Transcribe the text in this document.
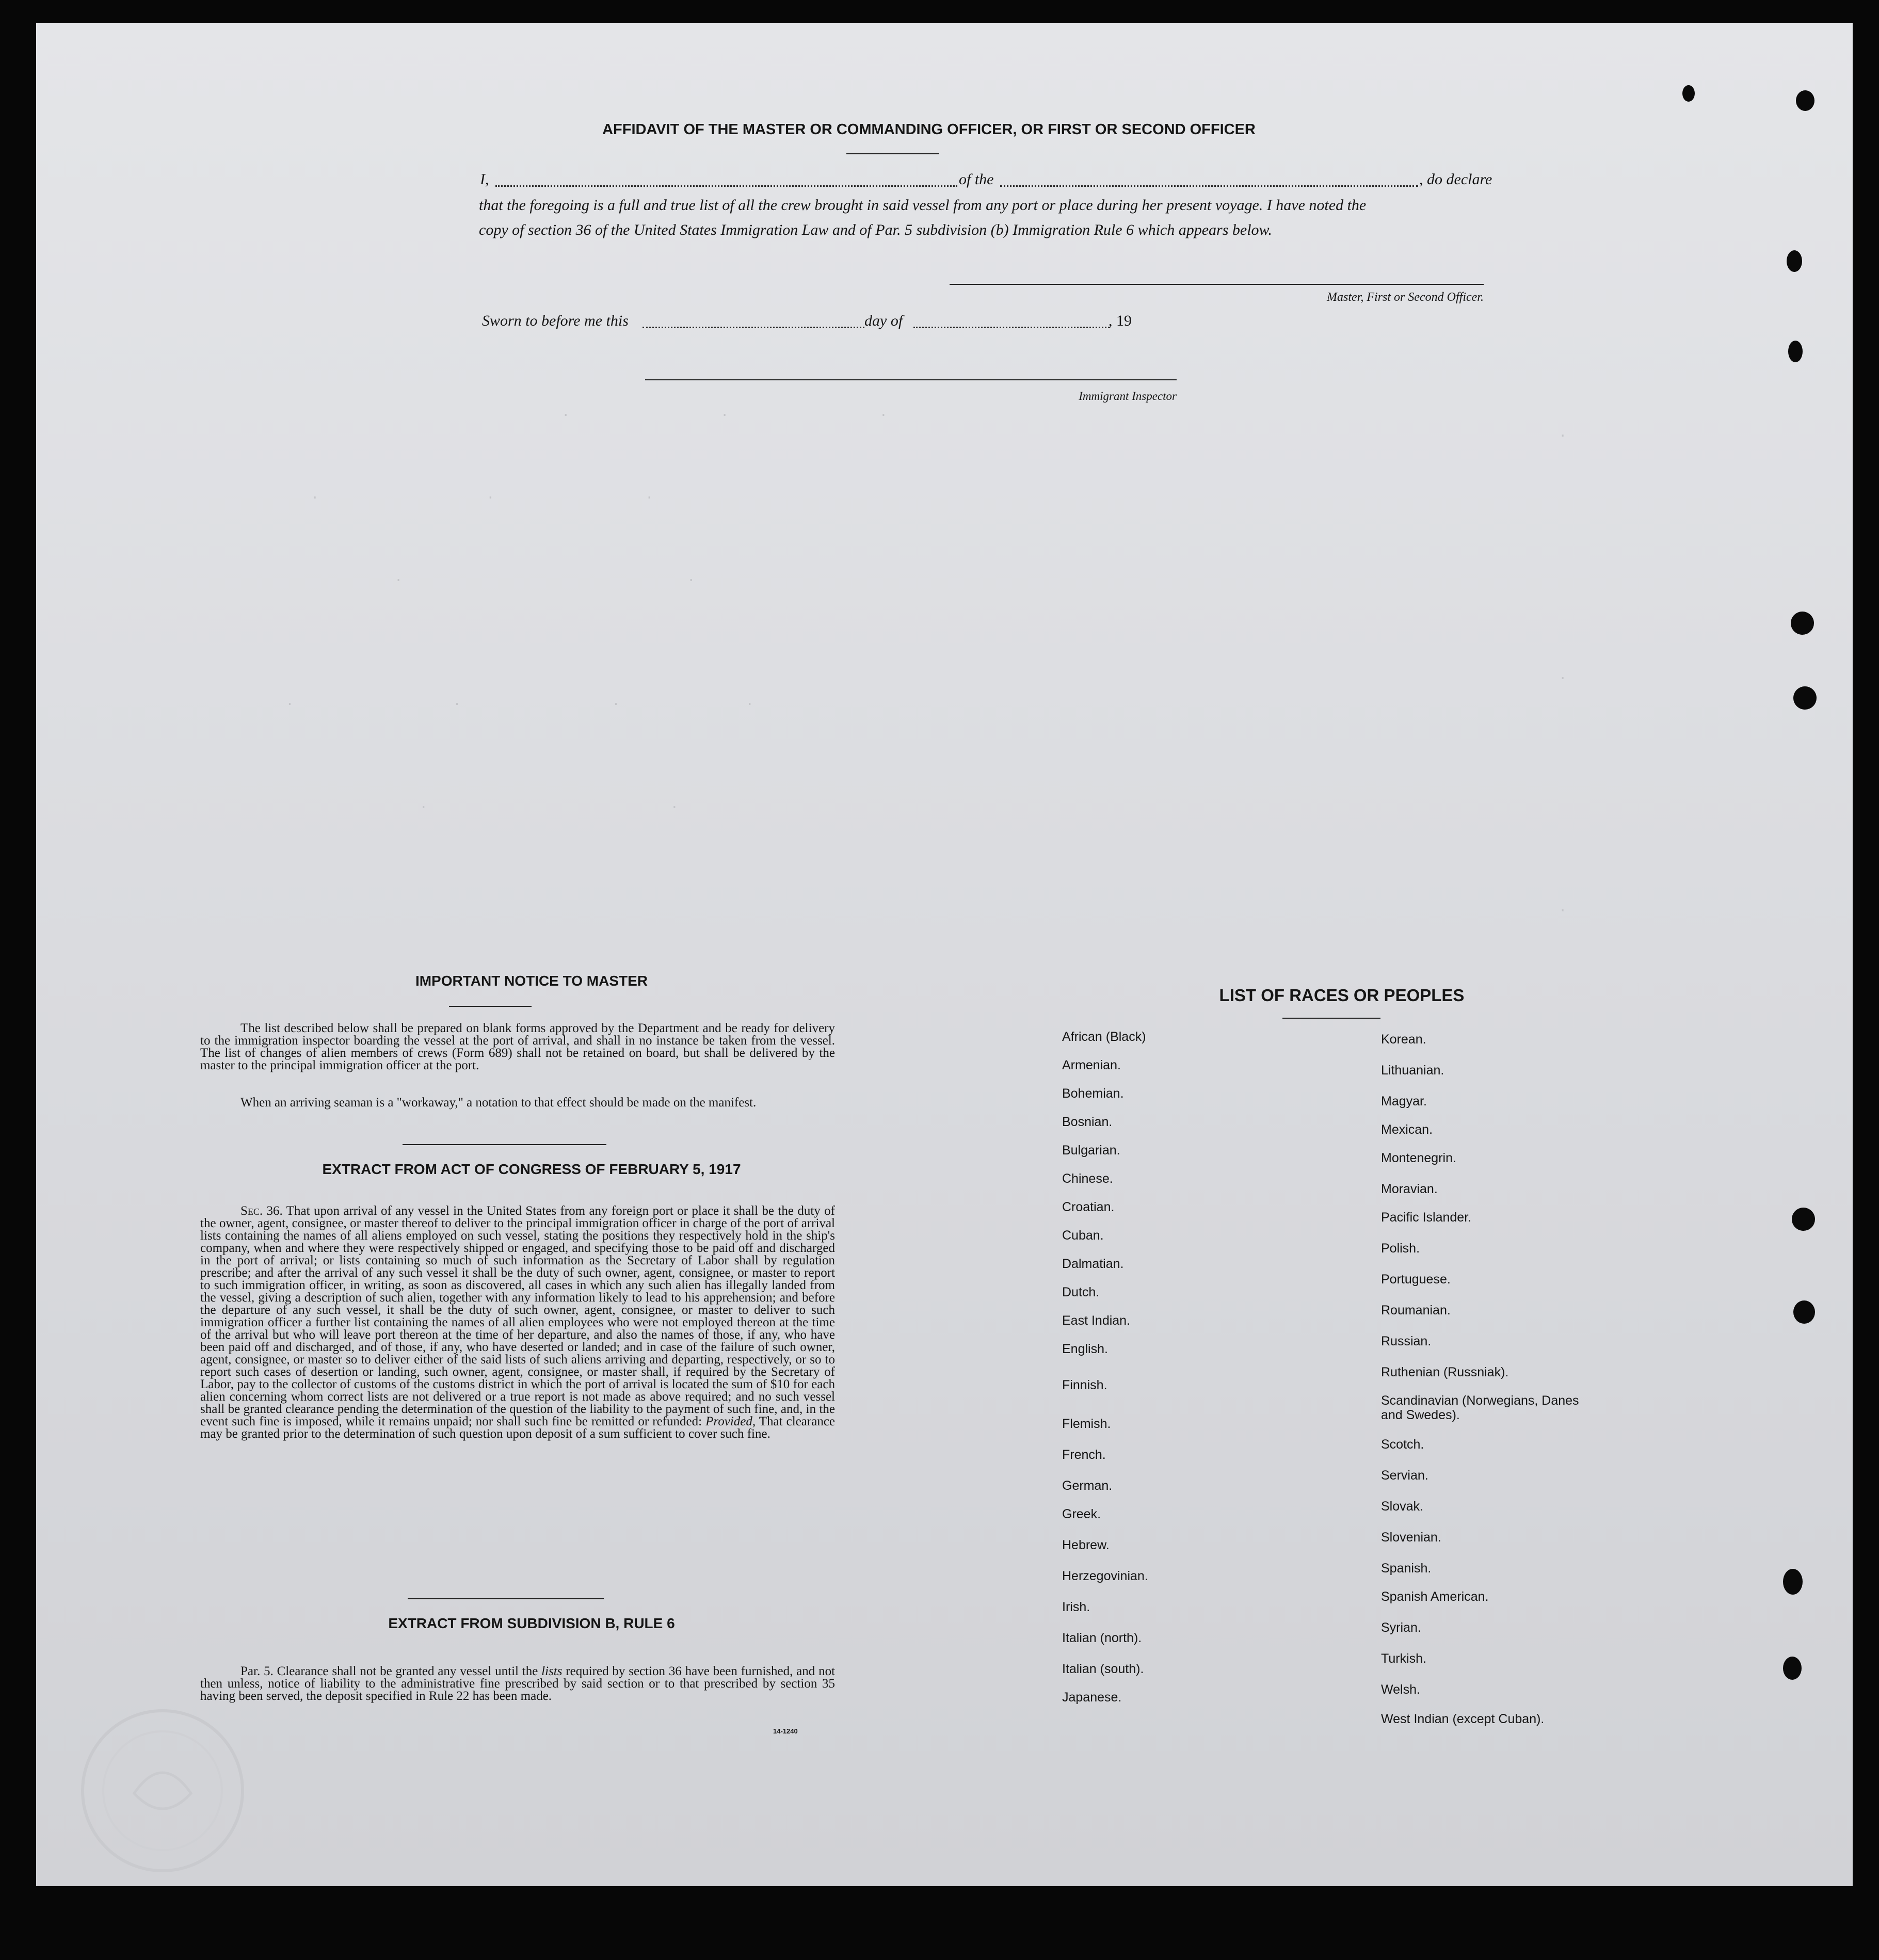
.                  .                  .
.                    .                  .
.                                  .
.                   .                  .               .
.                             .
.
.
.
AFFIDAVIT OF THE MASTER OR COMMANDING OFFICER, OR FIRST OR SECOND OFFICER
I,	of the	, do declare
that the foregoing is a full and true list of all the crew brought in said vessel from any port or place during her present voyage. I have noted the
copy of section 36 of the United States Immigration Law and of Par. 5 subdivision (b) Immigration Rule 6 which appears below.
Master, First or Second Officer.
Sworn to before me this	day of	, 19
Immigrant Inspector
IMPORTANT NOTICE TO MASTER
The list described below shall be prepared on blank forms approved by the Department and be ready for delivery to the immigration inspector boarding the vessel at the port of arrival, and shall in no instance be taken from the vessel. The list of changes of alien members of crews (Form 689) shall not be retained on board, but shall be delivered by the master to the principal immigration officer at the port.
When an arriving seaman is a "workaway," a notation to that effect should be made on the manifest.
EXTRACT FROM ACT OF CONGRESS OF FEBRUARY 5, 1917
Sec. 36. That upon arrival of any vessel in the United States from any foreign port or place it shall be the duty of the owner, agent, consignee, or master thereof to deliver to the principal immigration officer in charge of the port of arrival lists containing the names of all aliens employed on such vessel, stating the positions they respectively hold in the ship's company, when and where they were respectively shipped or engaged, and specifying those to be paid off and discharged in the port of arrival; or lists containing so much of such information as the Secretary of Labor shall by regulation prescribe; and after the arrival of any such vessel it shall be the duty of such owner, agent, consignee, or master to report to such immigration officer, in writing, as soon as discovered, all cases in which any such alien has illegally landed from the vessel, giving a description of such alien, together with any information likely to lead to his apprehension; and before the departure of any such vessel, it shall be the duty of such owner, agent, consignee, or master to deliver to such immigration officer a further list containing the names of all alien employees who were not employed thereon at the time of the arrival but who will leave port thereon at the time of her departure, and also the names of those, if any, who have been paid off and discharged, and of those, if any, who have deserted or landed; and in case of the failure of such owner, agent, consignee, or master so to deliver either of the said lists of such aliens arriving and departing, respectively, or so to report such cases of desertion or landing, such owner, agent, consignee, or master shall, if required by the Secretary of Labor, pay to the collector of customs of the customs district in which the port of arrival is located the sum of $10 for each alien concerning whom correct lists are not delivered or a true report is not made as above required; and no such vessel shall be granted clearance pending the determination of the question of the liability to the payment of such fine, and, in the event such fine is imposed, while it remains unpaid; nor shall such fine be remitted or refunded: Provided, That clearance may be granted prior to the determination of such question upon deposit of a sum sufficient to cover such fine.
EXTRACT FROM SUBDIVISION B, RULE 6
Par. 5. Clearance shall not be granted any vessel until the lists required by section 36 have been furnished, and not then unless, notice of liability to the administrative fine prescribed by said section or to that prescribed by section 35 having been served, the deposit specified in Rule 22 has been made.
14-1240
LIST OF RACES OR PEOPLES
African (Black)
Armenian.
Bohemian.
Bosnian.
Bulgarian.
Chinese.
Croatian.
Cuban.
Dalmatian.
Dutch.
East Indian.
English.
Finnish.
Flemish.
French.
German.
Greek.
Hebrew.
Herzegovinian.
Irish.
Italian (north).
Italian (south).
Japanese.
Korean.
Lithuanian.
Magyar.
Mexican.
Montenegrin.
Moravian.
Pacific Islander.
Polish.
Portuguese.
Roumanian.
Russian.
Ruthenian (Russniak).
Scandinavian (Norwegians, Danes and Swedes).
Scotch.
Servian.
Slovak.
Slovenian.
Spanish.
Spanish American.
Syrian.
Turkish.
Welsh.
West Indian (except Cuban).
